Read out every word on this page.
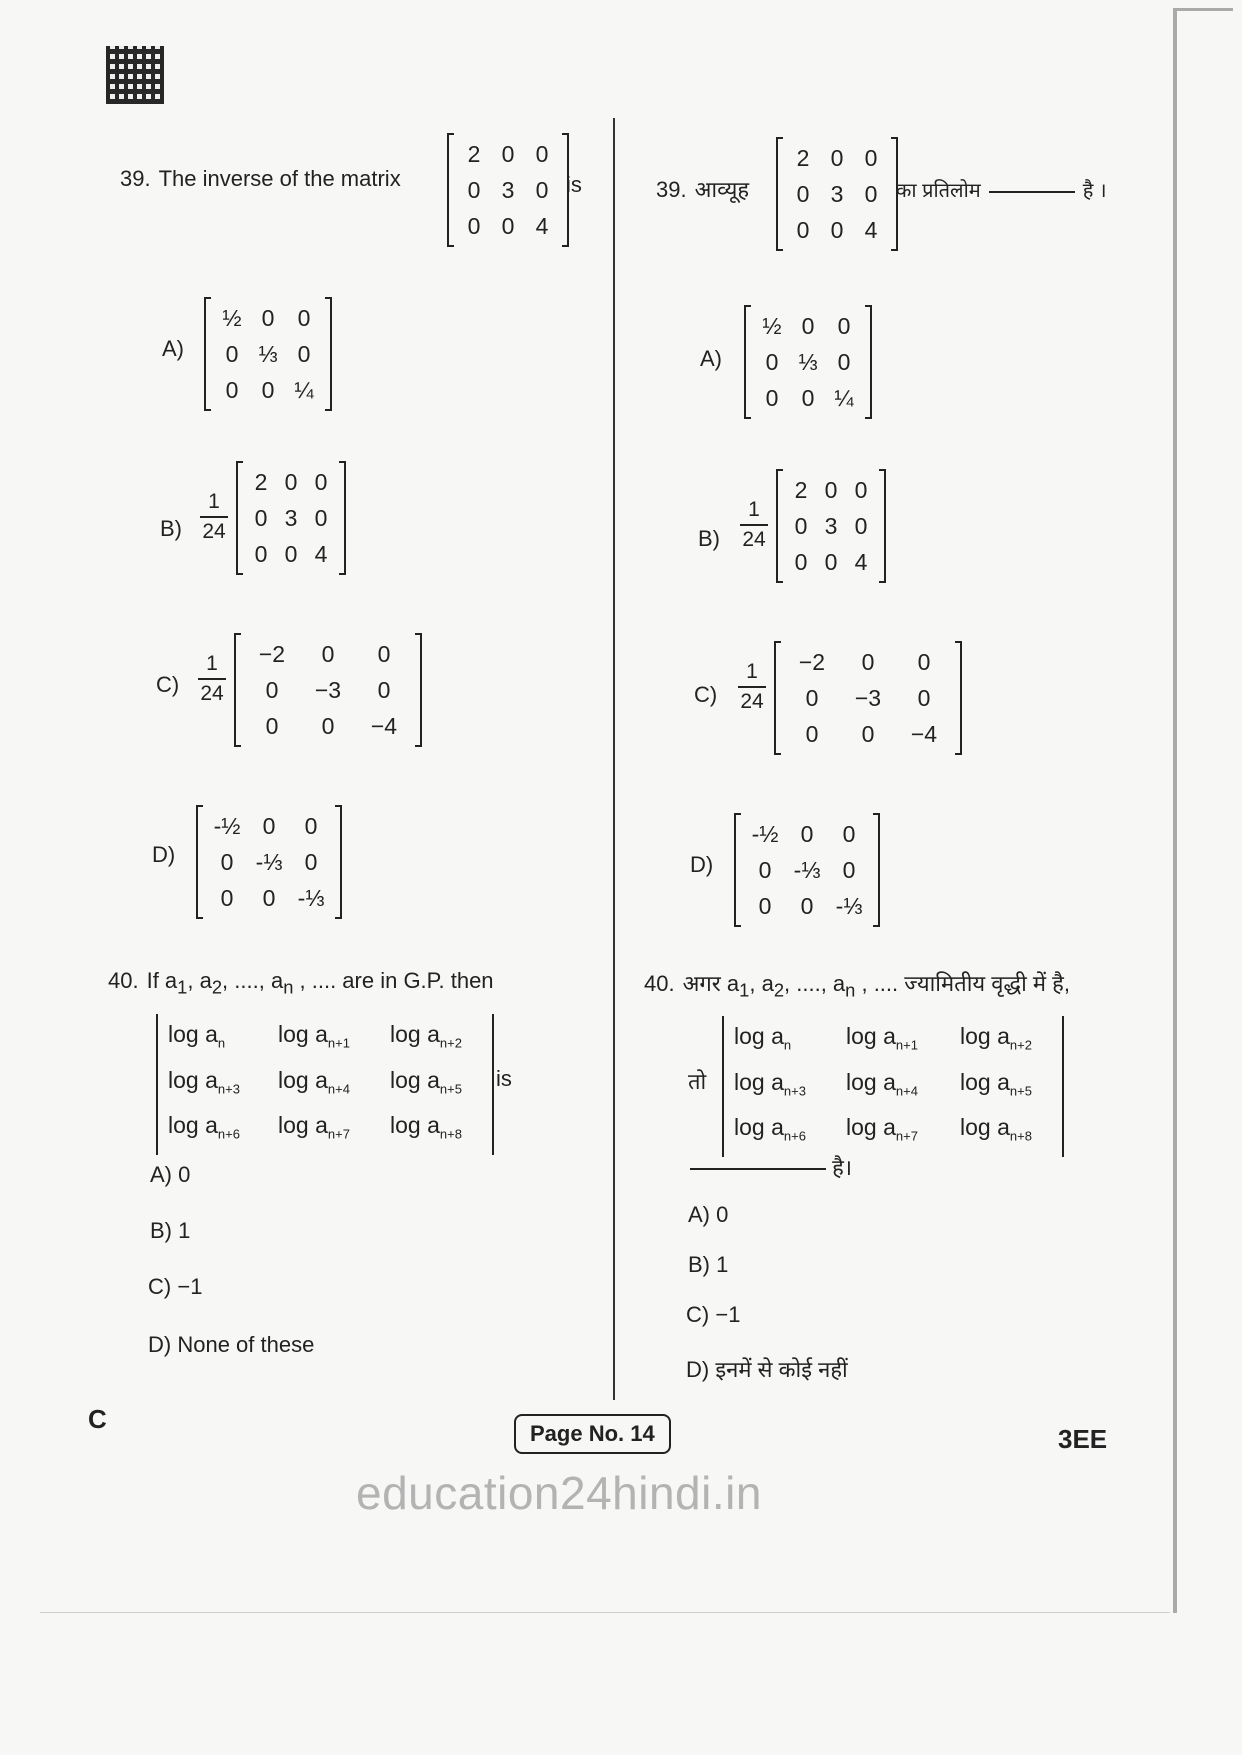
39. The inverse of the matrix
2 0 0
0 3 0
0 0 4
is
A)
½ 0	0
0 ⅓ 0
0	0 ¼
B)
1
24
2 0 0
0 3 0
0 0 4
C)
1
24
−2	0	0
0	−3	0
0	0	−4
D)
-½ 0	0
0 -⅓ 0
0	0 -⅓
40. If $a_1$, $a_2$, ...., $a_n$ , .... are in G.P. then
$\log a_n$	$\log a_{n+1}$	$\log a_{n+2}$
$\log a_{n+3}$	$\log a_{n+4}$	$\log a_{n+5}$
$\log a_{n+6}$	$\log a_{n+7}$	$\log a_{n+8}$
is
A) 0
B) 1
C) −1
D) None of these
39. आव्यूह
2 0 0
0 3 0
0 0 4
का प्रतिलोम	है ।
A)
½ 0	0
0 ⅓ 0
0	0 ¼
B)
1
24
2 0 0
0 3 0
0 0 4
C)
1
24
−2	0	0
0	−3	0
0	0	−4
D)
-½ 0	0
0 -⅓ 0
0	0 -⅓
40. अगर $a_1$, $a_2$, ...., $a_n$ , .... ज्यामितीय वृद्धी में है,
तो
$\log a_n$	$\log a_{n+1}$	$\log a_{n+2}$
$\log a_{n+3}$	$\log a_{n+4}$	$\log a_{n+5}$
$\log a_{n+6}$	$\log a_{n+7}$	$\log a_{n+8}$
है।
A) 0
B) 1
C) −1
D) इनमें से कोई नहीं
C	Page No. 14	3EE
education24hindi.in
